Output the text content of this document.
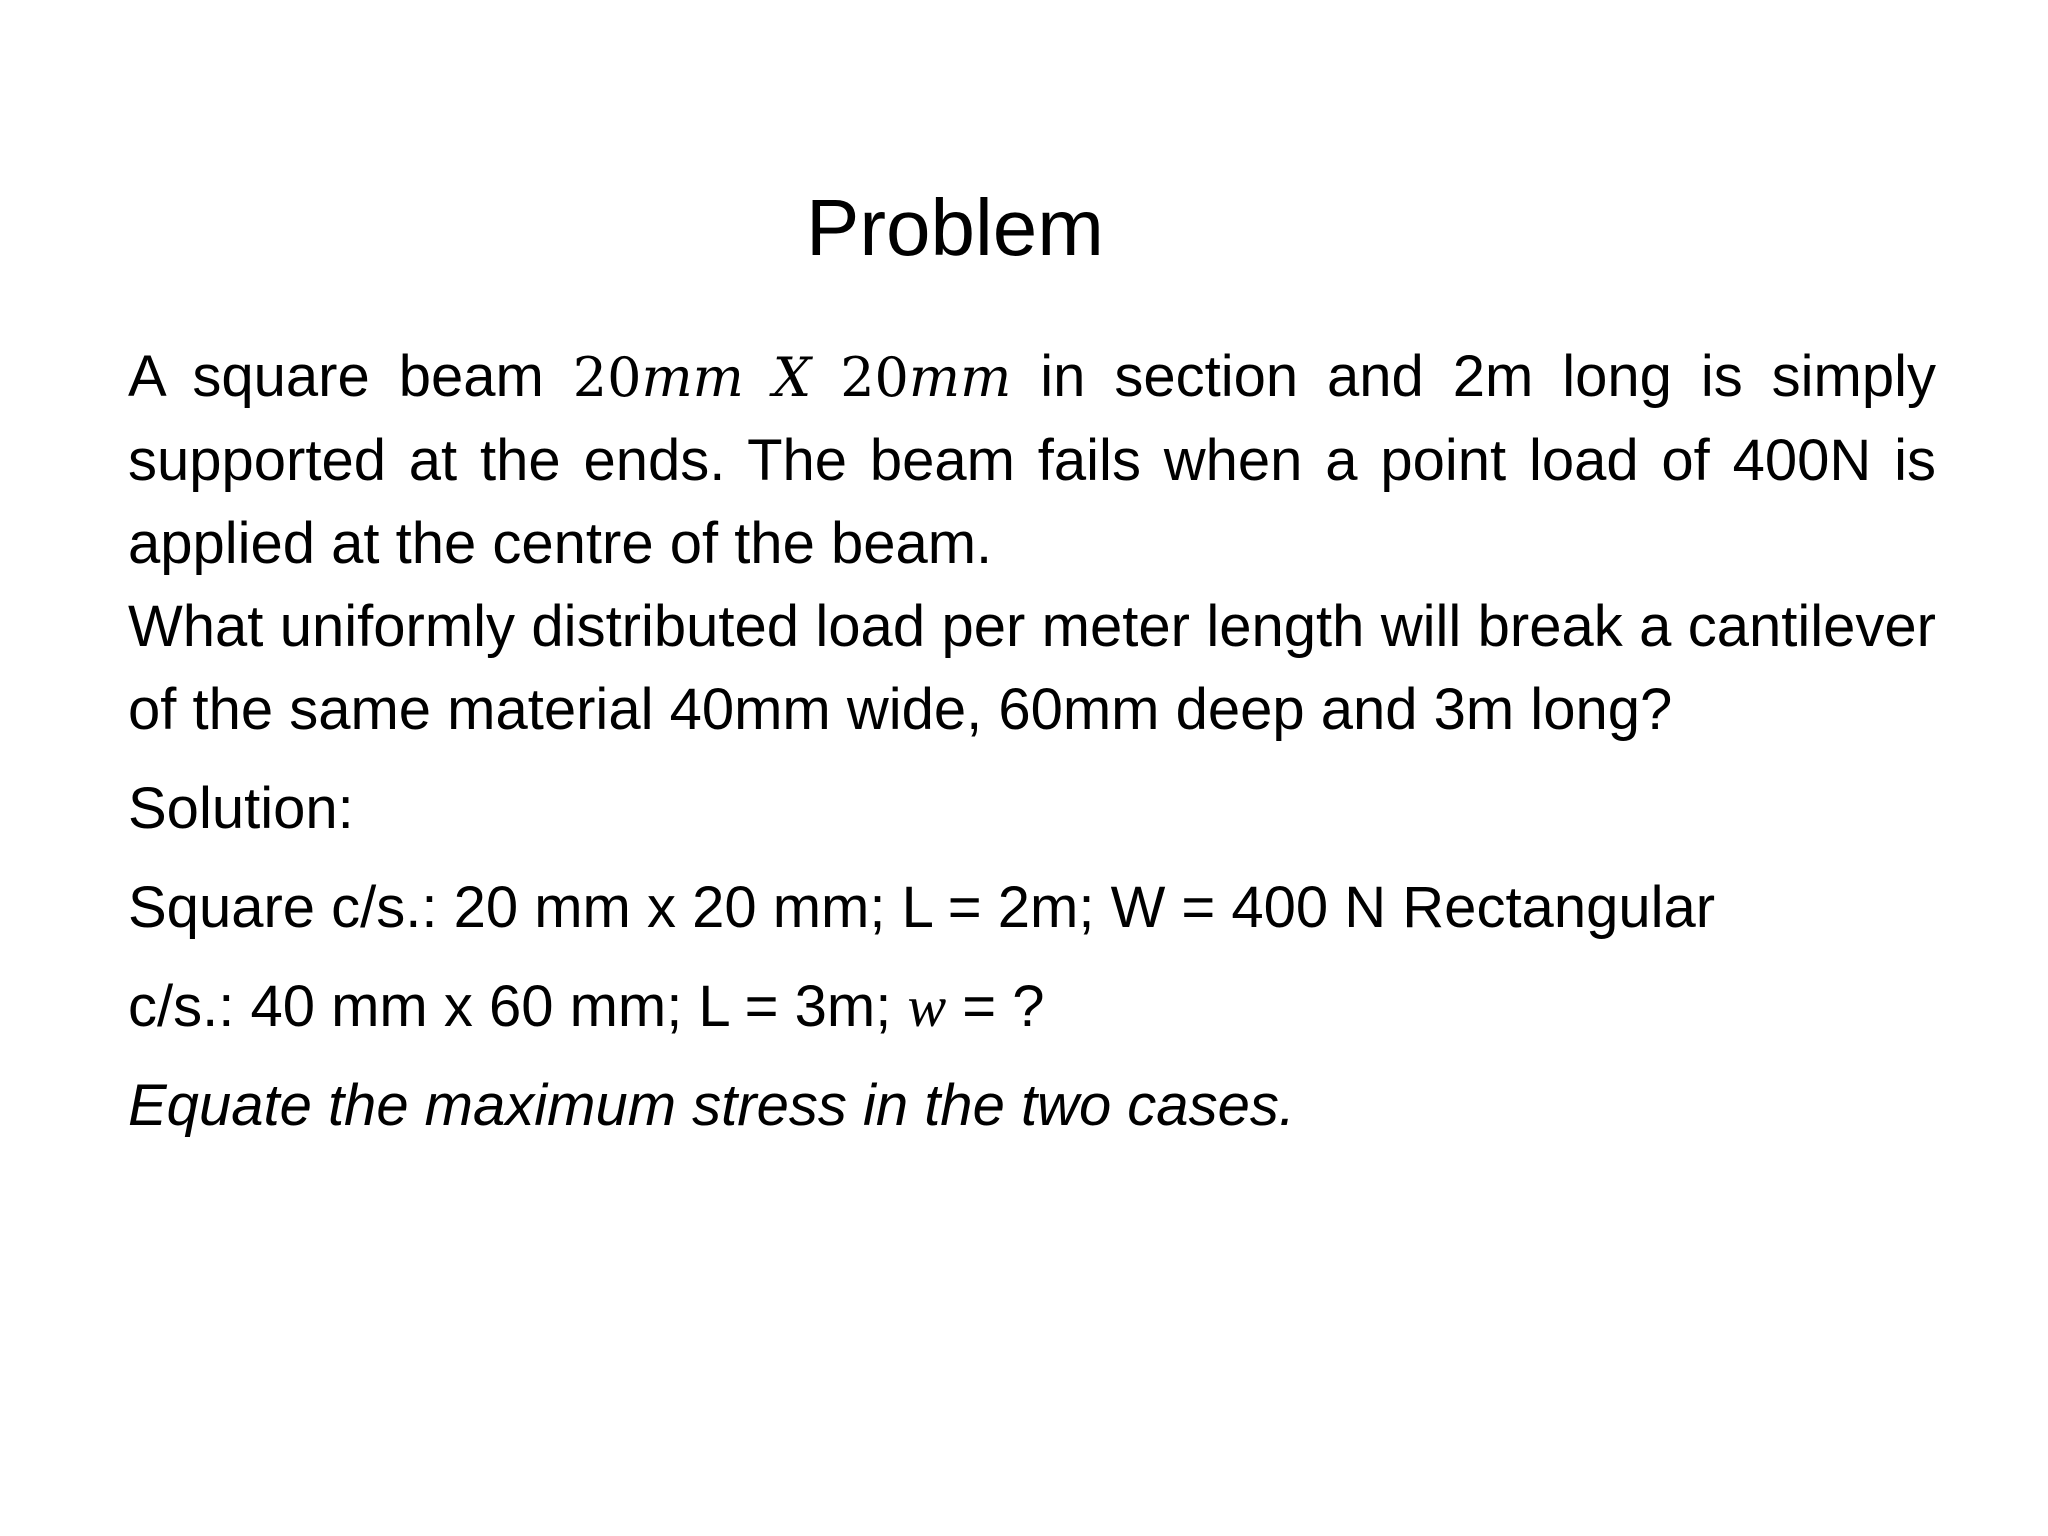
Problem

A square beam 20mm X 20mm in section and 2m long is simply supported at the ends. The beam fails when a point load of 400N is applied at the centre of the beam.

What uniformly distributed load per meter length will break a cantilever of the same material 40mm wide, 60mm deep and 3m long?

Solution:

Square c/s.: 20 mm x 20 mm; L = 2m; W = 400 N Rectangular

c/s.: 40 mm x 60 mm; L = 3m; w = ?

Equate the maximum stress in the two cases.
